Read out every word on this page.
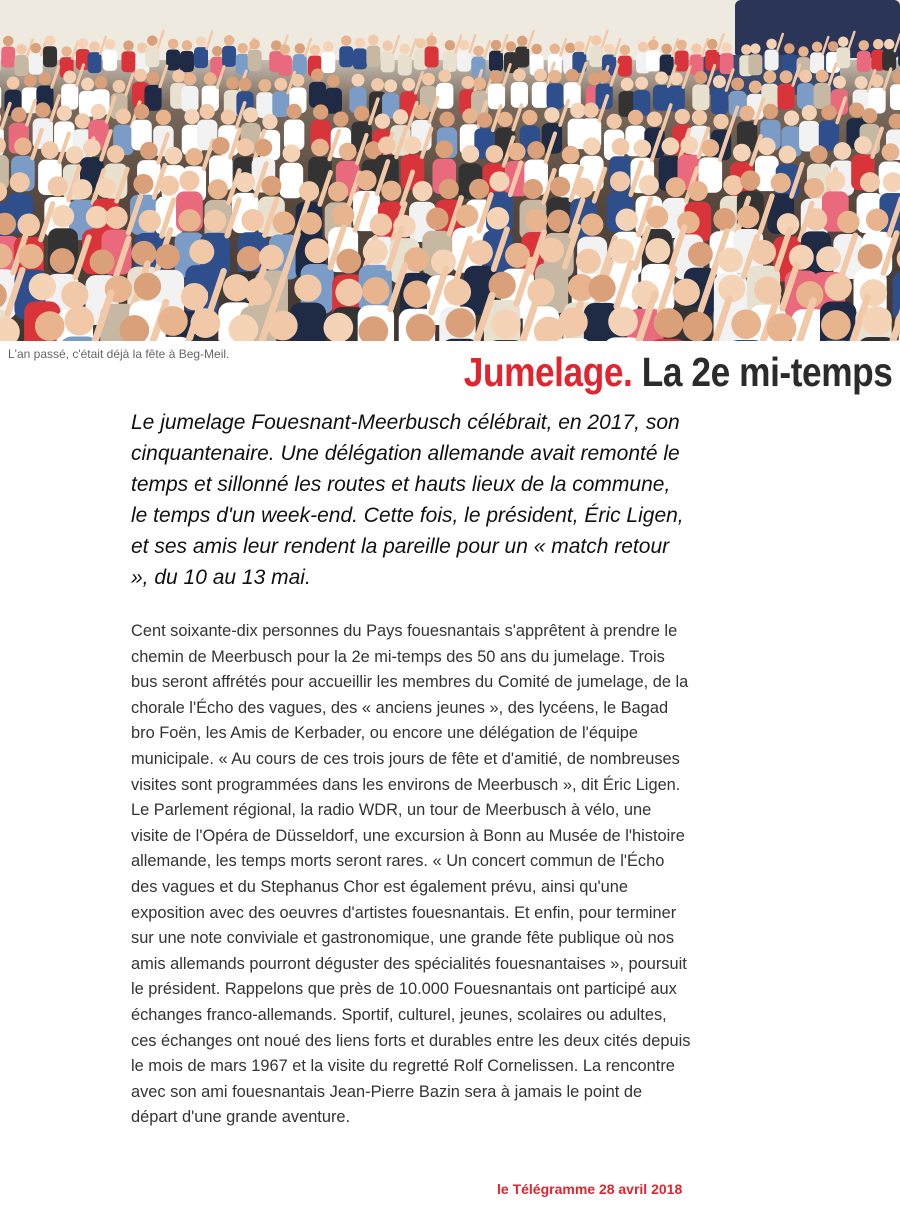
L'an passé, c'était déjà la fête à Beg-Meil.	Jumelage. La 2e mi-temps

Le jumelage Fouesnant-Meerbusch célébrait, en 2017, son cinquantenaire. Une délégation allemande avait remonté le temps et sillonné les routes et hauts lieux de la commune, le temps d'un week-end. Cette fois, le président, Éric Ligen, et ses amis leur rendent la pareille pour un « match retour », du 10 au 13 mai.

Cent soixante-dix personnes du Pays fouesnantais s'apprêtent à prendre le chemin de Meerbusch pour la 2e mi-temps des 50 ans du jumelage. Trois bus seront affrétés pour accueillir les membres du Comité de jumelage, de la chorale l'Écho des vagues, des « anciens jeunes », des lycéens, le Bagad bro Foën, les Amis de Kerbader, ou encore une délégation de l'équipe municipale. « Au cours de ces trois jours de fête et d'amitié, de nombreuses visites sont programmées dans les environs de Meerbusch », dit Éric Ligen. Le Parlement régional, la radio WDR, un tour de Meerbusch à vélo, une visite de l'Opéra de Düsseldorf, une excursion à Bonn au Musée de l'histoire allemande, les temps morts seront rares. « Un concert commun de l'Écho des vagues et du Stephanus Chor est également prévu, ainsi qu'une exposition avec des oeuvres d'artistes fouesnantais. Et enfin, pour terminer sur une note conviviale et gastronomique, une grande fête publique où nos amis allemands pourront déguster des spécialités fouesnantaises », poursuit le président. Rappelons que près de 10.000 Fouesnantais ont participé aux échanges franco-allemands. Sportif, culturel, jeunes, scolaires ou adultes, ces échanges ont noué des liens forts et durables entre les deux cités depuis le mois de mars 1967 et la visite du regretté Rolf Cornelissen. La rencontre avec son ami fouesnantais Jean-Pierre Bazin sera à jamais le point de départ d'une grande aventure.

le Télégramme 28 avril 2018
